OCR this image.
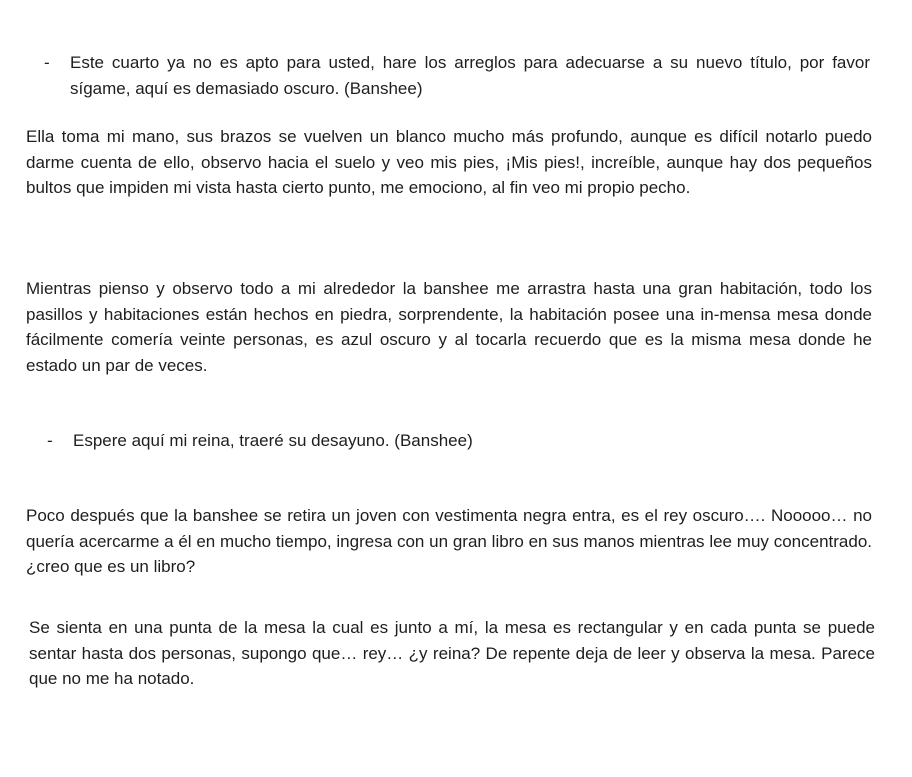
-	Este cuarto ya no es apto para usted, hare los arreglos para adecuarse a su nuevo título, por favor sígame, aquí es demasiado oscuro. (Banshee)

Ella toma mi mano, sus brazos se vuelven un blanco mucho más profundo, aunque es difícil notarlo puedo darme cuenta de ello, observo hacia el suelo y veo mis pies, ¡Mis pies!, increíble, aunque hay dos pequeños bultos que impiden mi vista hasta cierto punto, me emociono, al fin veo mi propio pecho.

Mientras pienso y observo todo a mi alrededor la banshee me arrastra hasta una gran habitación, todo los pasillos y habitaciones están hechos en piedra, sorprendente, la habitación posee una in-mensa mesa donde fácilmente comería veinte personas, es azul oscuro y al tocarla recuerdo que es la misma mesa donde he estado un par de veces.

-	Espere aquí mi reina, traeré su desayuno. (Banshee)

Poco después que la banshee se retira un joven con vestimenta negra entra, es el rey oscuro…. Nooooo… no quería acercarme a él en mucho tiempo, ingresa con un gran libro en sus manos mientras lee muy concentrado. ¿creo que es un libro?

Se sienta en una punta de la mesa la cual es junto a mí, la mesa es rectangular y en cada punta se puede sentar hasta dos personas, supongo que… rey… ¿y reina? De repente deja de leer y observa la mesa. Parece que no me ha notado.
